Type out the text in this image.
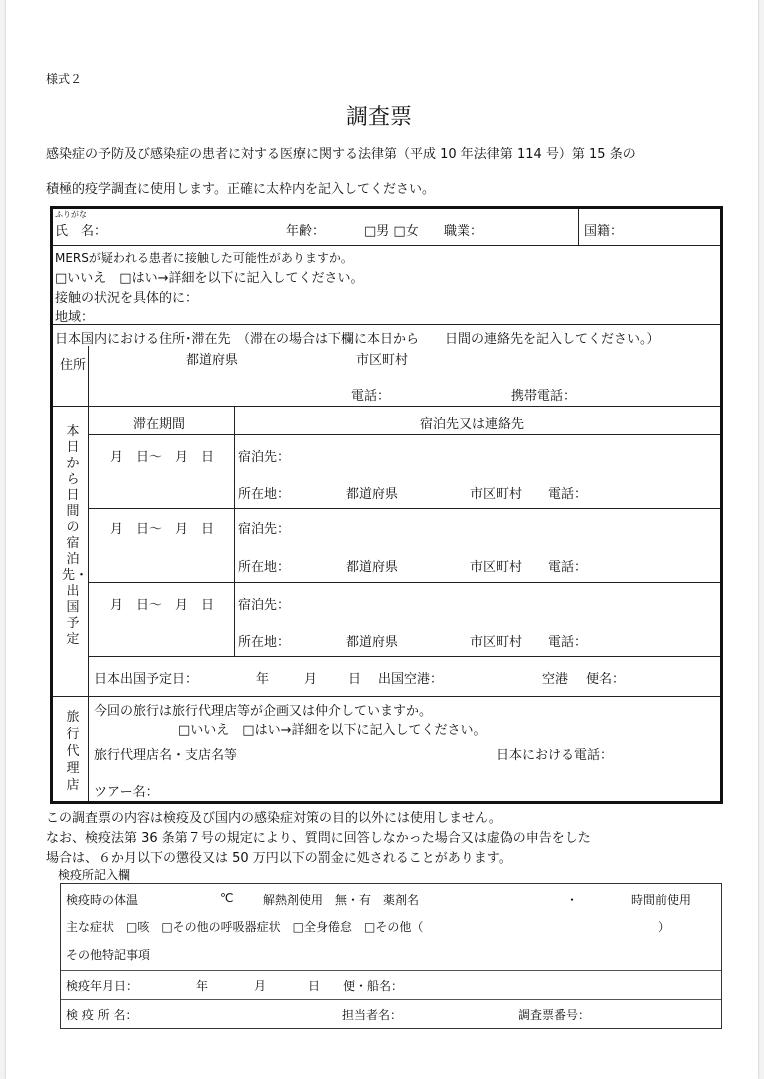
様式２
調査票
感染症の予防及び感染症の患者に対する医療に関する法律第（平成 10 年法律第 114 号）第 15 条の
積極的疫学調査に使用します。正確に太枠内を記入してください。
ふりがな
氏　名：	年齢：	□男 □女 職業：	国籍：
MERSが疑われる患者に接触した可能性がありますか。
□いいえ　□はい→詳細を以下に記入してください。
接触の状況を具体的に：
地域：
日本国内における住所･滞在先　（滞在の場合は下欄に本日から　　日間の連絡先を記入してください。）
住所	都道府県	市区町村
電話：	携帯電話：
本日から　日間の宿泊先・出国予定
滞在期間	宿泊先又は連絡先
月　日～　月　日 宿泊先：
所在地：	都道府県	市区町村 電話：
月　日～　月　日 宿泊先：
所在地：	都道府県	市区町村 電話：
月　日～　月　日 宿泊先：
所在地：	都道府県	市区町村 電話：
日本出国予定日：	年	月 日 出国空港：	空港 便名：
旅行代理店
今回の旅行は旅行代理店等が企画又は仲介していますか。
□いいえ　□はい→詳細を以下に記入してください。
旅行代理店名・支店名等	日本における電話：
ツアー名：
この調査票の内容は検疫及び国内の感染症対策の目的以外には使用しません。
なお、検疫法第 36 条第７号の規定により、質問に回答しなかった場合又は虚偽の申告をした
場合は、６か月以下の懲役又は 50 万円以下の罰金に処されることがあります。
検疫所記入欄
検疫時の体温	℃ 解熱剤使用　無・有　薬剤名	・	時間前使用
主な症状　□咳　□その他の呼吸器症状　□全身倦怠　□その他（	）
その他特記事項
検疫年月日：	年	月	日 便・船名：
検 疫 所 名：	担当者名：	調査票番号：
